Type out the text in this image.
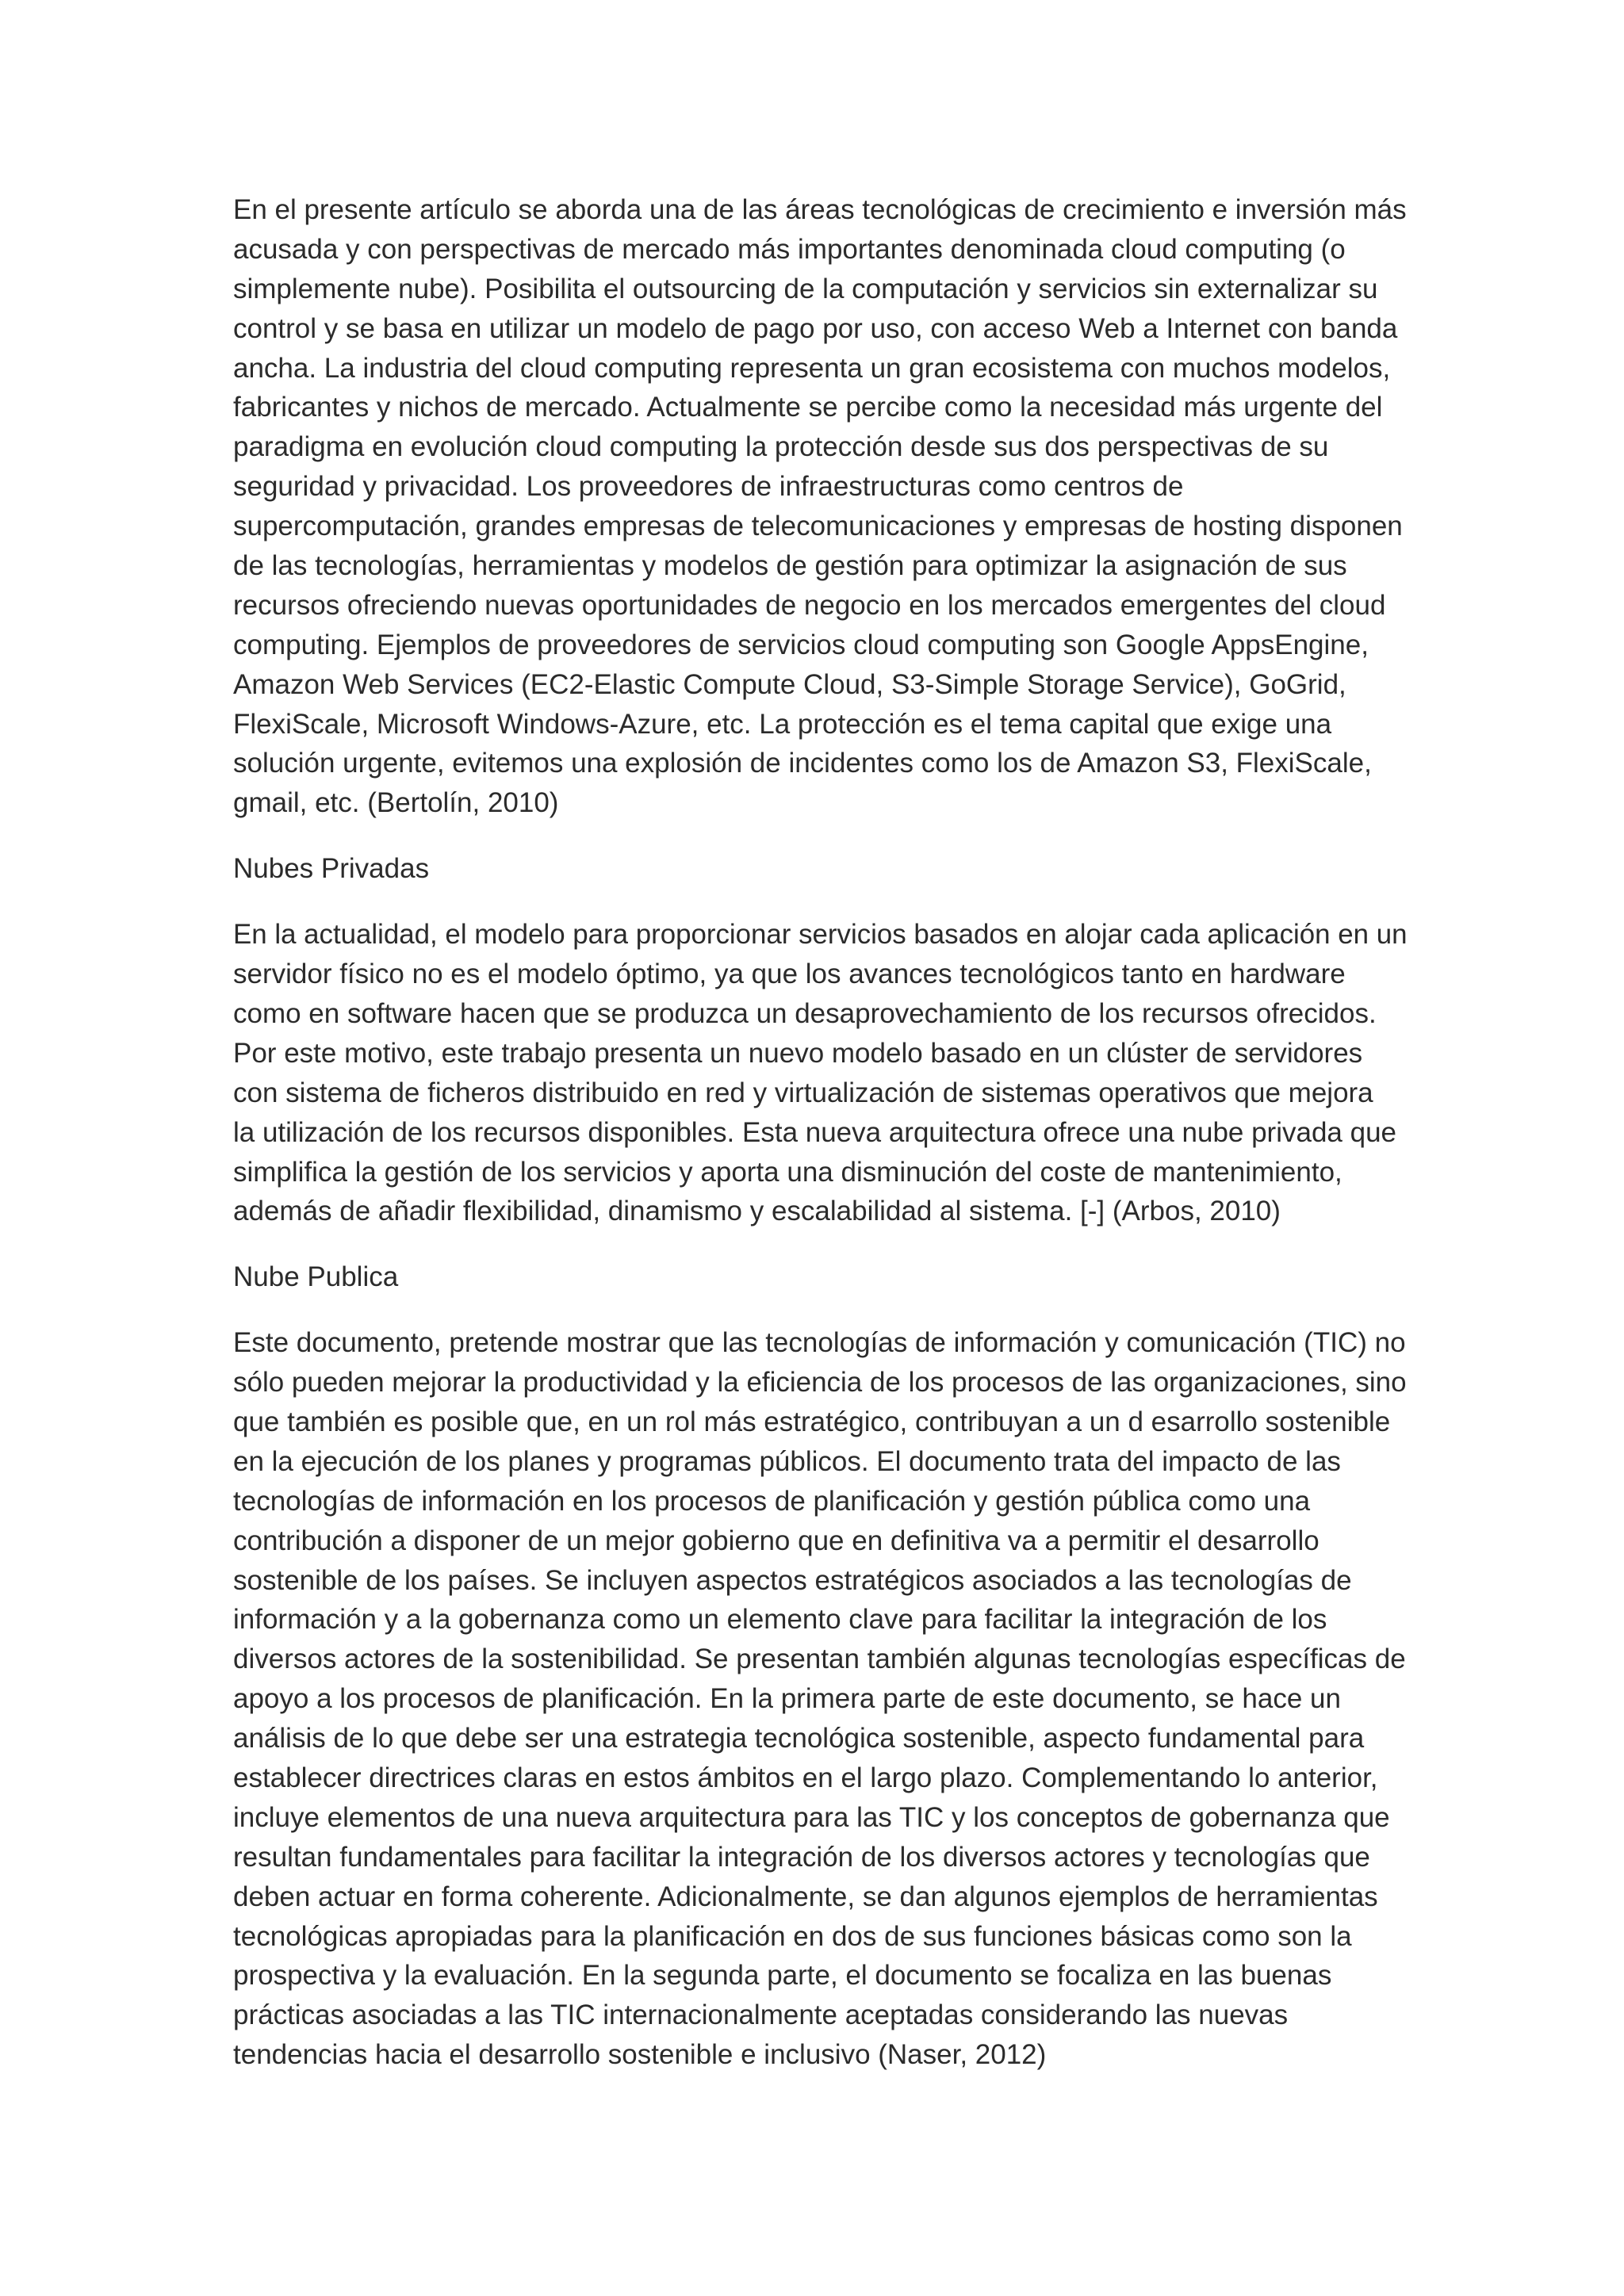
En el presente artículo se aborda una de las áreas tecnológicas de crecimiento e inversión más
acusada y con perspectivas de mercado más importantes denominada cloud computing (o
simplemente nube). Posibilita el outsourcing de la computación y servicios sin externalizar su
control y se basa en utilizar un modelo de pago por uso, con acceso Web a Internet con banda
ancha. La industria del cloud computing representa un gran ecosistema con muchos modelos,
fabricantes y nichos de mercado. Actualmente se percibe como la necesidad más urgente del
paradigma en evolución cloud computing la protección desde sus dos perspectivas de su
seguridad y privacidad. Los proveedores de infraestructuras como centros de
supercomputación, grandes empresas de telecomunicaciones y empresas de hosting disponen
de las tecnologías, herramientas y modelos de gestión para optimizar la asignación de sus
recursos ofreciendo nuevas oportunidades de negocio en los mercados emergentes del cloud
computing. Ejemplos de proveedores de servicios cloud computing son Google AppsEngine,
Amazon Web Services (EC2-Elastic Compute Cloud, S3-Simple Storage Service), GoGrid,
FlexiScale, Microsoft Windows-Azure, etc. La protección es el tema capital que exige una
solución urgente, evitemos una explosión de incidentes como los de Amazon S3, FlexiScale,
gmail, etc. (Bertolín, 2010)
Nubes Privadas
En la actualidad, el modelo para proporcionar servicios basados en alojar cada aplicación en un
servidor físico no es el modelo óptimo, ya que los avances tecnológicos tanto en hardware
como en software hacen que se produzca un desaprovechamiento de los recursos ofrecidos.
Por este motivo, este trabajo presenta un nuevo modelo basado en un clúster de servidores
con sistema de ficheros distribuido en red y virtualización de sistemas operativos que mejora
la utilización de los recursos disponibles. Esta nueva arquitectura ofrece una nube privada que
simplifica la gestión de los servicios y aporta una disminución del coste de mantenimiento,
además de añadir flexibilidad, dinamismo y escalabilidad al sistema. [-] (Arbos, 2010)
Nube Publica
Este documento, pretende mostrar que las tecnologías de información y comunicación (TIC) no
sólo pueden mejorar la productividad y la eficiencia de los procesos de las organizaciones, sino
que también es posible que, en un rol más estratégico, contribuyan a un d esarrollo sostenible
en la ejecución de los planes y programas públicos. El documento trata del impacto de las
tecnologías de información en los procesos de planificación y gestión pública como una
contribución a disponer de un mejor gobierno que en definitiva va a permitir el desarrollo
sostenible de los países. Se incluyen aspectos estratégicos asociados a las tecnologías de
información y a la gobernanza como un elemento clave para facilitar la integración de los
diversos actores de la sostenibilidad. Se presentan también algunas tecnologías específicas de
apoyo a los procesos de planificación. En la primera parte de este documento, se hace un
análisis de lo que debe ser una estrategia tecnológica sostenible, aspecto fundamental para
establecer directrices claras en estos ámbitos en el largo plazo. Complementando lo anterior,
incluye elementos de una nueva arquitectura para las TIC y los conceptos de gobernanza que
resultan fundamentales para facilitar la integración de los diversos actores y tecnologías que
deben actuar en forma coherente. Adicionalmente, se dan algunos ejemplos de herramientas
tecnológicas apropiadas para la planificación en dos de sus funciones básicas como son la
prospectiva y la evaluación. En la segunda parte, el documento se focaliza en las buenas
prácticas asociadas a las TIC internacionalmente aceptadas considerando las nuevas
tendencias hacia el desarrollo sostenible e inclusivo (Naser, 2012)
